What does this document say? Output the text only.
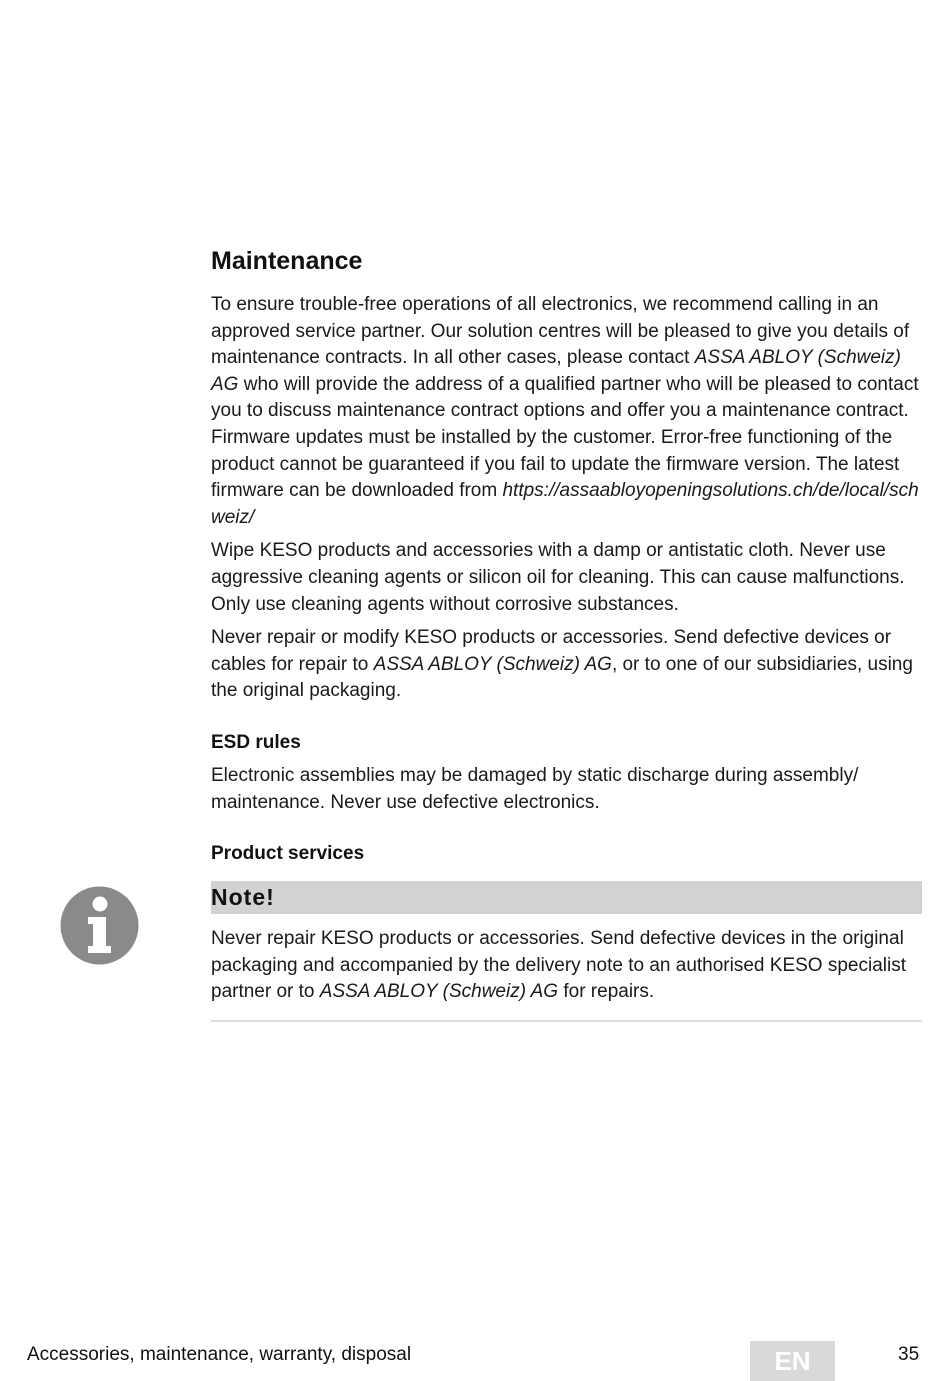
Maintenance

To ensure trouble-free operations of all electronics, we recommend calling in an approved service partner. Our solution centres will be pleased to give you details of maintenance contracts. In all other cases, please contact ASSA ABLOY (Schweiz) AG who will provide the address of a qualified partner who will be pleased to contact you to discuss maintenance contract options and offer you a maintenance contract. Firmware updates must be installed by the customer. Error-free functioning of the product cannot be guaranteed if you fail to update the firmware version. The latest firmware can be downloaded from https://assaabloyopeningsolutions.ch/de/local/schweiz/

Wipe KESO products and accessories with a damp or antistatic cloth. Never use aggressive cleaning agents or silicon oil for cleaning. This can cause malfunctions. Only use cleaning agents without corrosive substances.

Never repair or modify KESO products or accessories. Send defective devices or cables for repair to ASSA ABLOY (Schweiz) AG, or to one of our subsidiaries, using the original packaging.

ESD rules

Electronic assemblies may be damaged by static discharge during assembly/ maintenance. Never use defective electronics.

Product services
Note!

Never repair KESO products or accessories. Send defective devices in the original packaging and accompanied by the delivery note to an authorised KESO specialist partner or to ASSA ABLOY (Schweiz) AG for repairs.

Accessories, maintenance, warranty, disposal	EN	35
